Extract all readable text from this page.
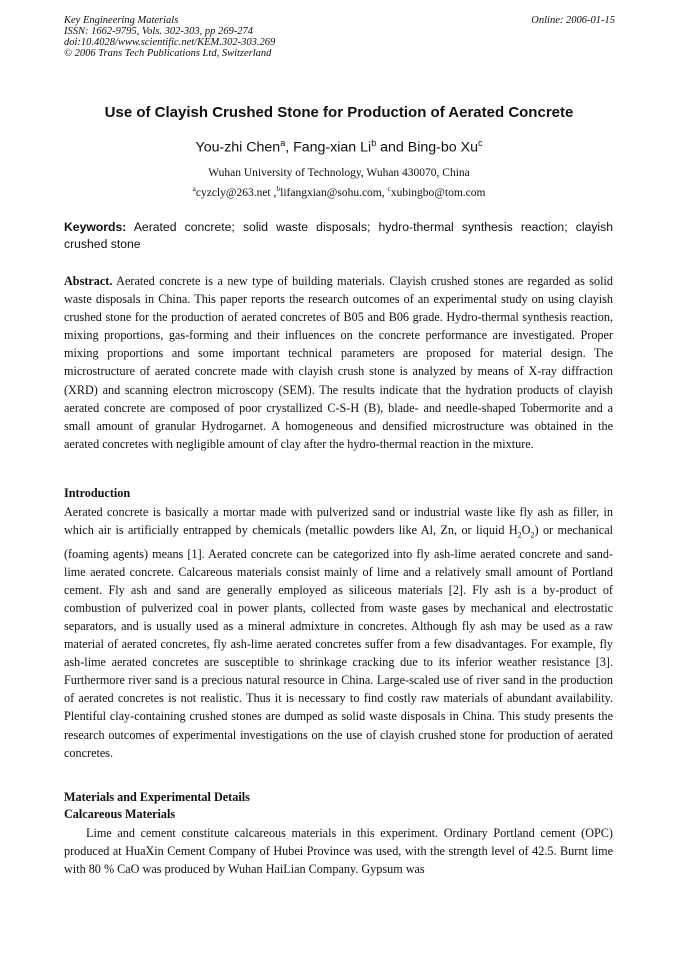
Key Engineering Materials
ISSN: 1662-9795, Vols. 302-303, pp 269-274
doi:10.4028/www.scientific.net/KEM.302-303.269
© 2006 Trans Tech Publications Ltd, Switzerland
Online: 2006-01-15
Use of Clayish Crushed Stone for Production of Aerated Concrete
You-zhi Chen$^a$, Fang-xian Li$^b$ and Bing-bo Xu$^c$
Wuhan University of Technology, Wuhan 430070, China
$^a$cyzcly@263.net ,$^b$lifangxian@sohu.com, $^c$xubingbo@tom.com
Keywords: Aerated concrete; solid waste disposals; hydro-thermal synthesis reaction; clayish crushed stone
Abstract. Aerated concrete is a new type of building materials. Clayish crushed stones are regarded as solid waste disposals in China. This paper reports the research outcomes of an experimental study on using clayish crushed stone for the production of aerated concretes of B05 and B06 grade. Hydro-thermal synthesis reaction, mixing proportions, gas-forming and their influences on the concrete performance are investigated. Proper mixing proportions and some important technical parameters are proposed for material design. The microstructure of aerated concrete made with clayish crush stone is analyzed by means of X-ray diffraction (XRD) and scanning electron microscopy (SEM). The results indicate that the hydration products of clayish aerated concrete are composed of poor crystallized C-S-H (B), blade- and needle-shaped Tobermorite and a small amount of granular Hydrogarnet. A homogeneous and densified microstructure was obtained in the aerated concretes with negligible amount of clay after the hydro-thermal reaction in the mixture.
Introduction
Aerated concrete is basically a mortar made with pulverized sand or industrial waste like fly ash as filler, in which air is artificially entrapped by chemicals (metallic powders like Al, Zn, or liquid $H_2O_2$) or mechanical (foaming agents) means [1]. Aerated concrete can be categorized into fly ash-lime aerated concrete and sand-lime aerated concrete. Calcareous materials consist mainly of lime and a relatively small amount of Portland cement. Fly ash and sand are generally employed as siliceous materials [2]. Fly ash is a by-product of combustion of pulverized coal in power plants, collected from waste gases by mechanical and electrostatic separators, and is usually used as a mineral admixture in concretes. Although fly ash may be used as a raw material of aerated concretes, fly ash-lime aerated concretes suffer from a few disadvantages. For example, fly ash-lime aerated concretes are susceptible to shrinkage cracking due to its inferior weather resistance [3]. Furthermore river sand is a precious natural resource in China. Large-scaled use of river sand in the production of aerated concretes is not realistic. Thus it is necessary to find costly raw materials of abundant availability. Plentiful clay-containing crushed stones are dumped as solid waste disposals in China. This study presents the research outcomes of experimental investigations on the use of clayish crushed stone for production of aerated concretes.
Materials and Experimental Details
Calcareous Materials
Lime and cement constitute calcareous materials in this experiment. Ordinary Portland cement (OPC) produced at HuaXin Cement Company of Hubei Province was used, with the strength level of 42.5. Burnt lime with 80 % CaO was produced by Wuhan HaiLian Company. Gypsum was
